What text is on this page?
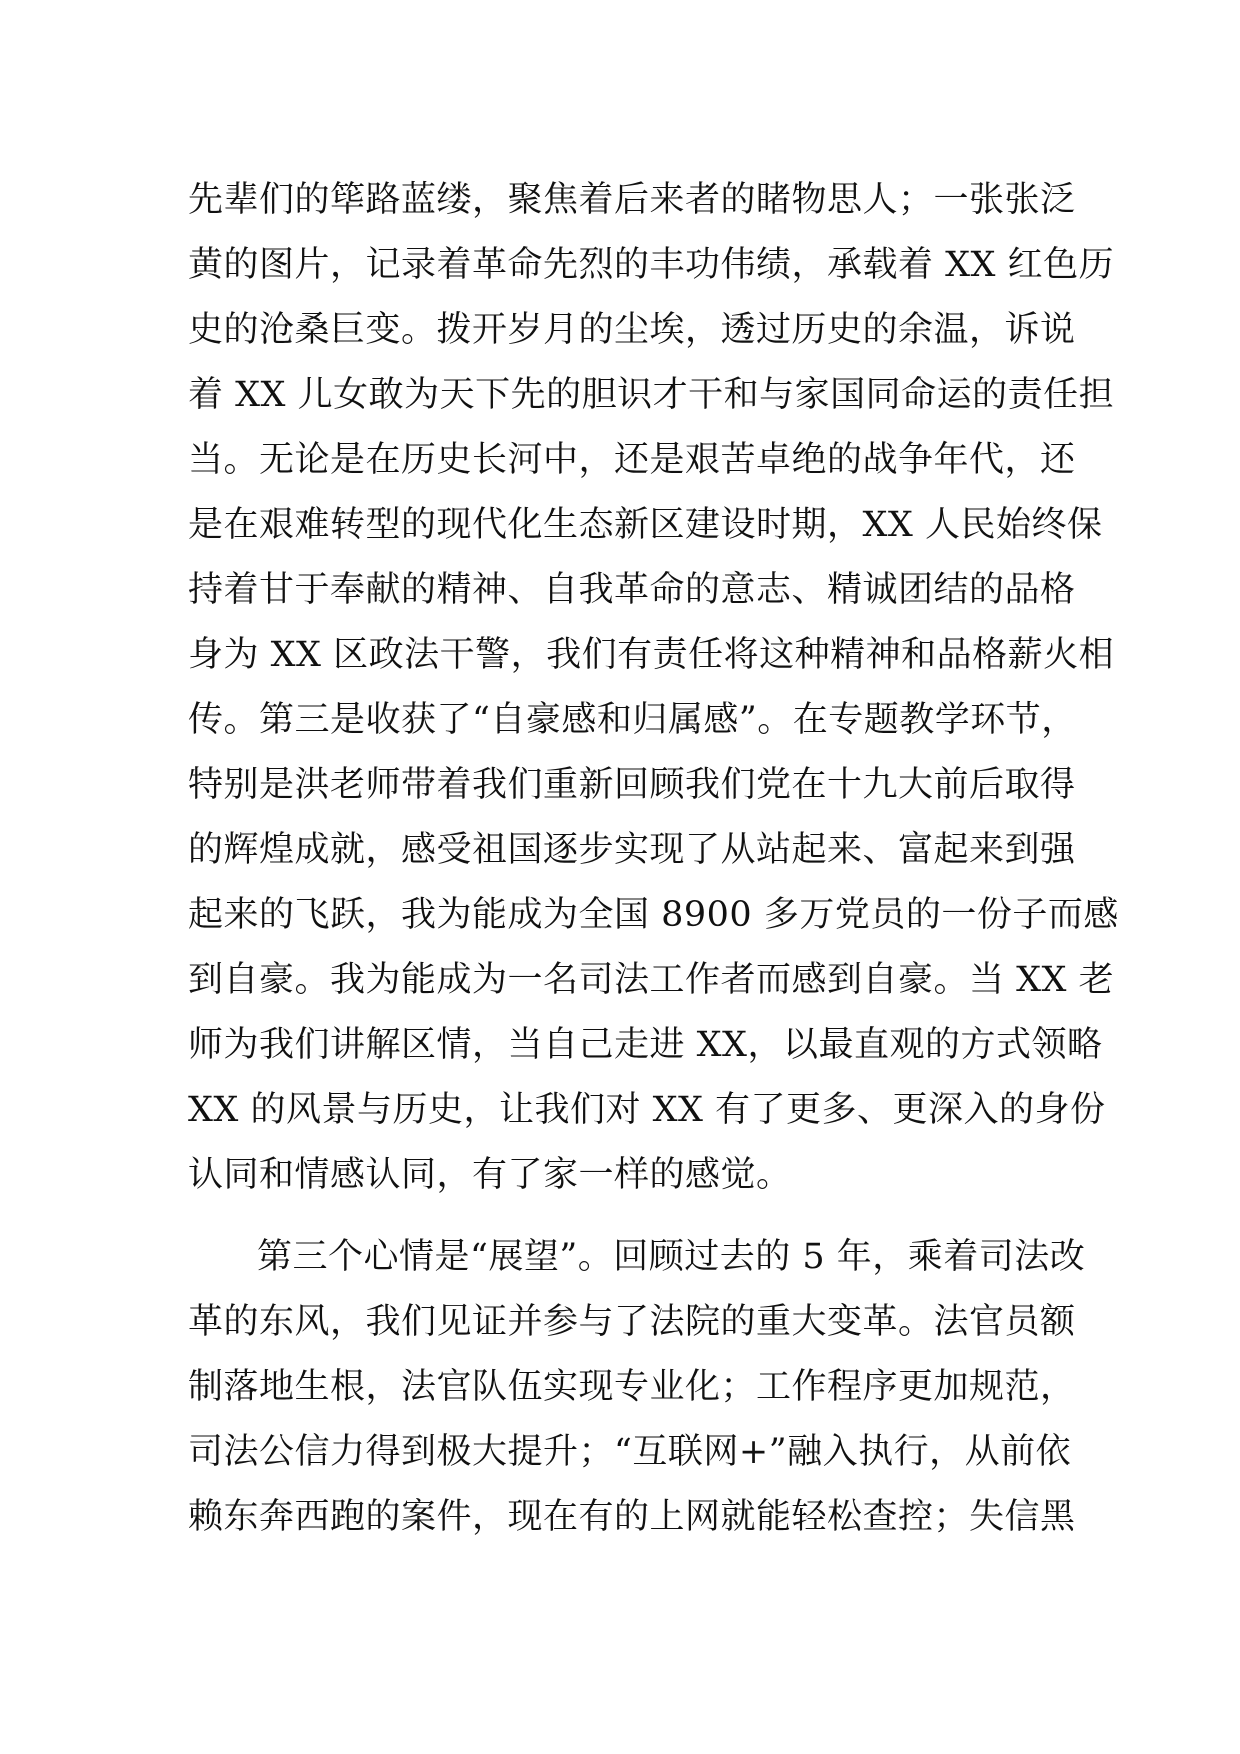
先辈们的筚路蓝缕，聚焦着后来者的睹物思人；一张张泛
黄的图片，记录着革命先烈的丰功伟绩，承载着 XX 红色历
史的沧桑巨变。拨开岁月的尘埃，透过历史的余温，诉说
着 XX 儿女敢为天下先的胆识才干和与家国同命运的责任担
当。无论是在历史长河中，还是艰苦卓绝的战争年代，还
是在艰难转型的现代化生态新区建设时期，XX 人民始终保
持着甘于奉献的精神、自我革命的意志、精诚团结的品格
身为 XX 区政法干警，我们有责任将这种精神和品格薪火相
传。第三是收获了“自豪感和归属感”。在专题教学环节，
特别是洪老师带着我们重新回顾我们党在十九大前后取得
的辉煌成就，感受祖国逐步实现了从站起来、富起来到强
起来的飞跃，我为能成为全国 8900 多万党员的一份子而感
到自豪。我为能成为一名司法工作者而感到自豪。当 XX 老
师为我们讲解区情，当自己走进 XX，以最直观的方式领略
XX 的风景与历史，让我们对 XX 有了更多、更深入的身份
认同和情感认同，有了家一样的感觉。
第三个心情是“展望”。回顾过去的 5 年，乘着司法改
革的东风，我们见证并参与了法院的重大变革。法官员额
制落地生根，法官队伍实现专业化；工作程序更加规范，
司法公信力得到极大提升；“互联网+”融入执行，从前依
赖东奔西跑的案件，现在有的上网就能轻松查控；失信黑
